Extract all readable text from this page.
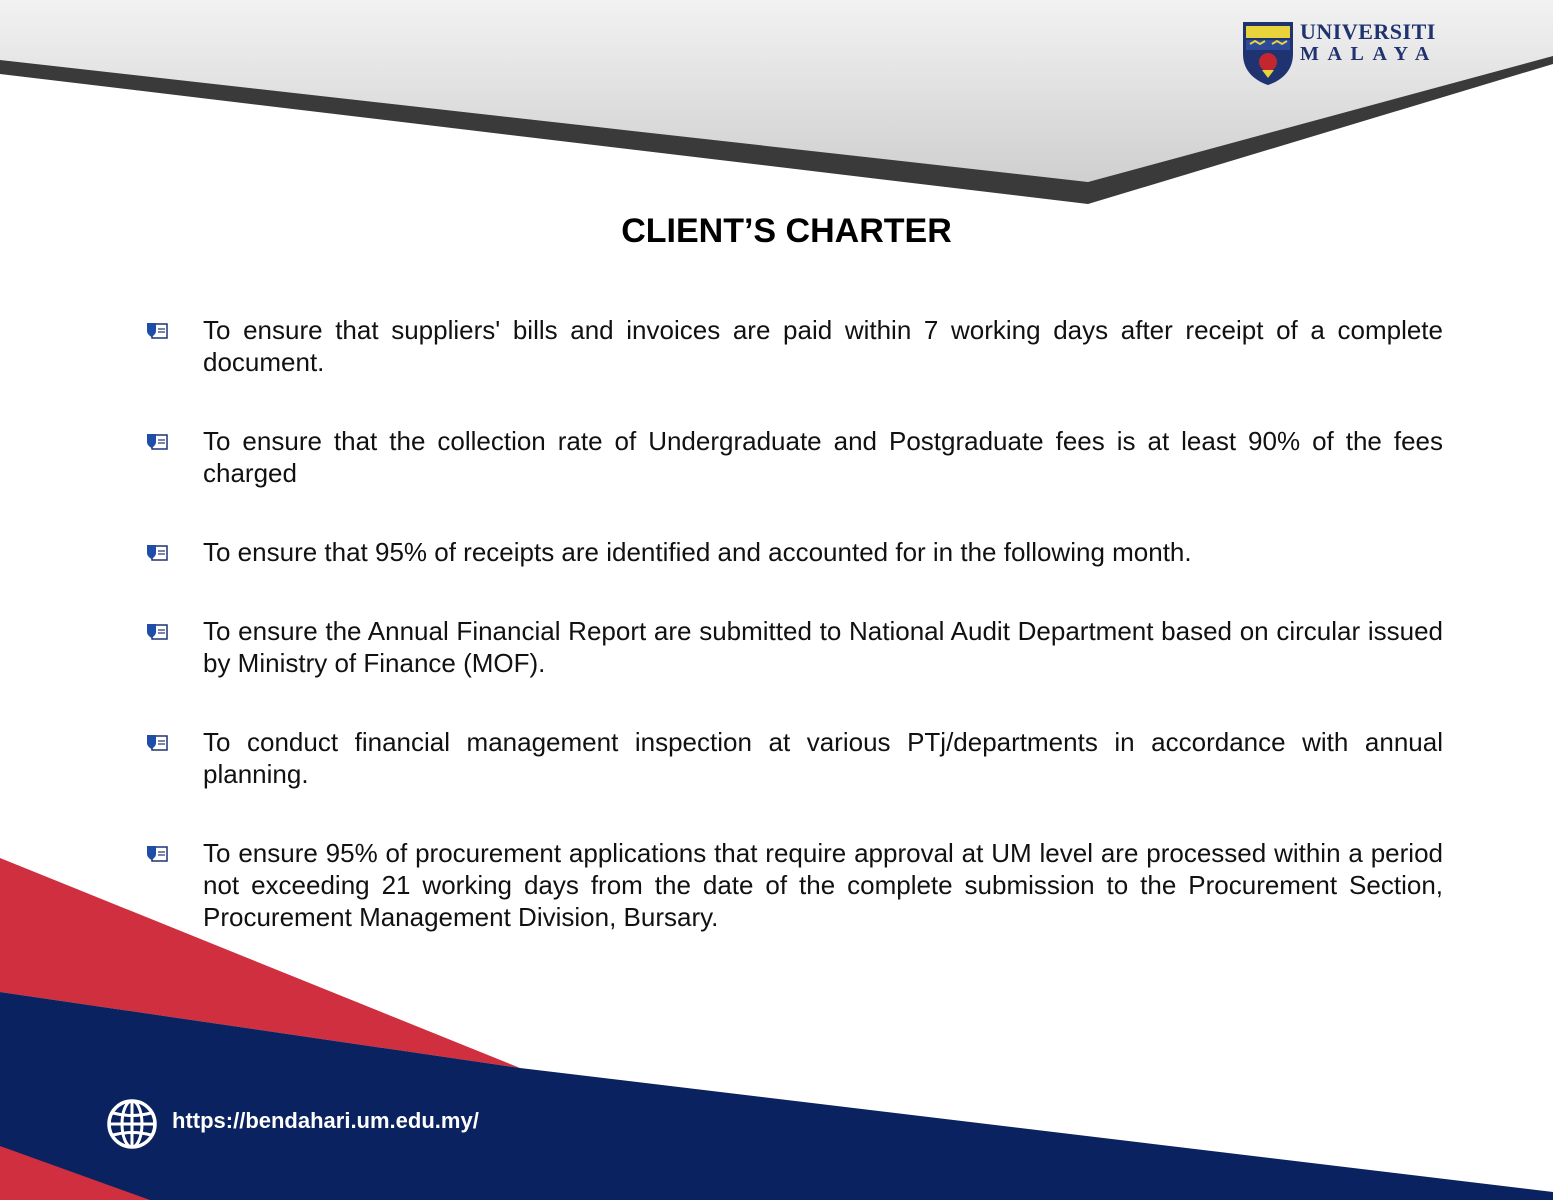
UNIVERSITI
MALAYA
CLIENT’S CHARTER
To ensure that suppliers' bills and invoices are paid within 7 working days after receipt of a complete document.
To ensure that the collection rate of Undergraduate and Postgraduate fees is at least 90% of the fees charged
To ensure that 95% of receipts are identified and accounted for in the following month.
To ensure the Annual Financial Report are submitted to National Audit Department based on circular issued by Ministry of Finance (MOF).
To conduct financial management inspection at various PTj/departments in accordance with annual planning.
To ensure 95% of procurement applications that require approval at UM level are processed within a period not exceeding 21 working days from the date of the complete submission to the Procurement Section, Procurement Management Division, Bursary.
https://bendahari.um.edu.my/
